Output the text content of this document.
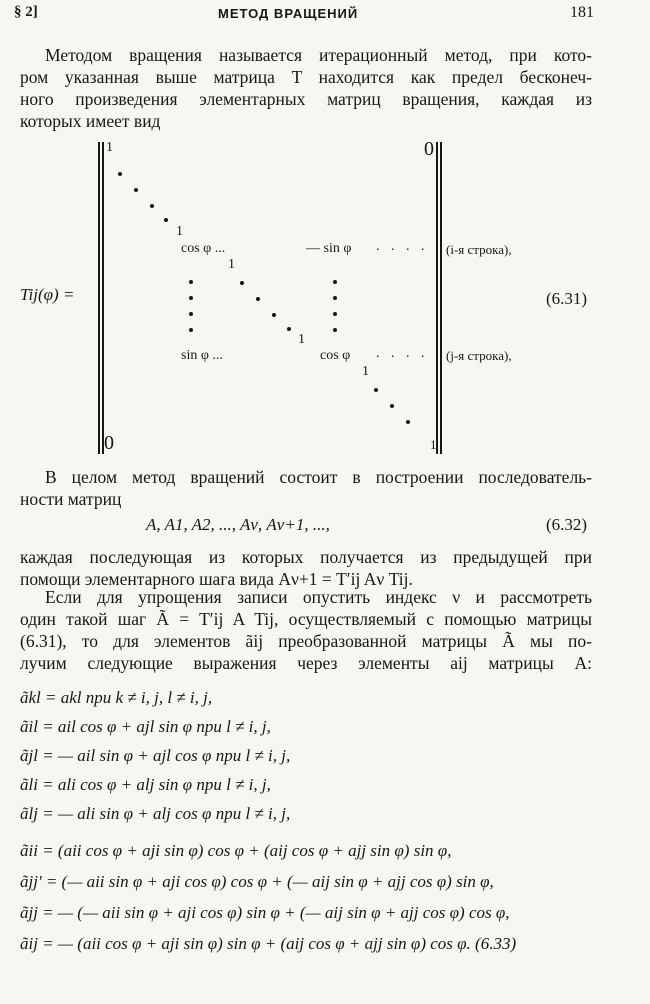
§ 2]	МЕТОД ВРАЩЕНИЙ	181
Методом вращения называется итерационный метод, при кото-
ром указанная выше матрица T находится как предел бесконеч-
ного произведения элементарных матриц вращения, каждая из
которых имеет вид
Tij(φ) =
1	0
0
1
cos φ ...	— sin φ . . . . (i-я строка),
1
1
(6.31)
sin φ ...	cos φ . . . . (j-я строка),
1
1
В целом метод вращений состоит в построении последователь-
ности матриц
A, A1, A2, ..., Aν, Aν+1, ...,	(6.32)
каждая последующая из которых получается из предыдущей при
помощи элементарного шага вида Aν+1 = T′ij Aν Tij.
Если для упрощения записи опустить индекс ν и рассмотреть
один такой шаг Ã = T′ij A Tij, осуществляемый с помощью матрицы
(6.31), то для элементов ãij преобразованной матрицы Ã мы по-
лучим следующие выражения через элементы aij матрицы A:
ãkl = akl при k ≠ i, j, l ≠ i, j,
ãil = ail cos φ + ajl sin φ при l ≠ i, j,
ãjl = — ail sin φ + ajl cos φ при l ≠ i, j,
ãli = ali cos φ + alj sin φ при l ≠ i, j,
ãlj = — ali sin φ + alj cos φ при l ≠ i, j,
ãii = (aii cos φ + aji sin φ) cos φ + (aij cos φ + ajj sin φ) sin φ,
ãjj' = (— aii sin φ + aji cos φ) cos φ + (— aij sin φ + ajj cos φ) sin φ,
ãjj = — (— aii sin φ + aji cos φ) sin φ + (— aij sin φ + ajj cos φ) cos φ,
ãij = — (aii cos φ + aji sin φ) sin φ + (aij cos φ + ajj sin φ) cos φ. (6.33)
